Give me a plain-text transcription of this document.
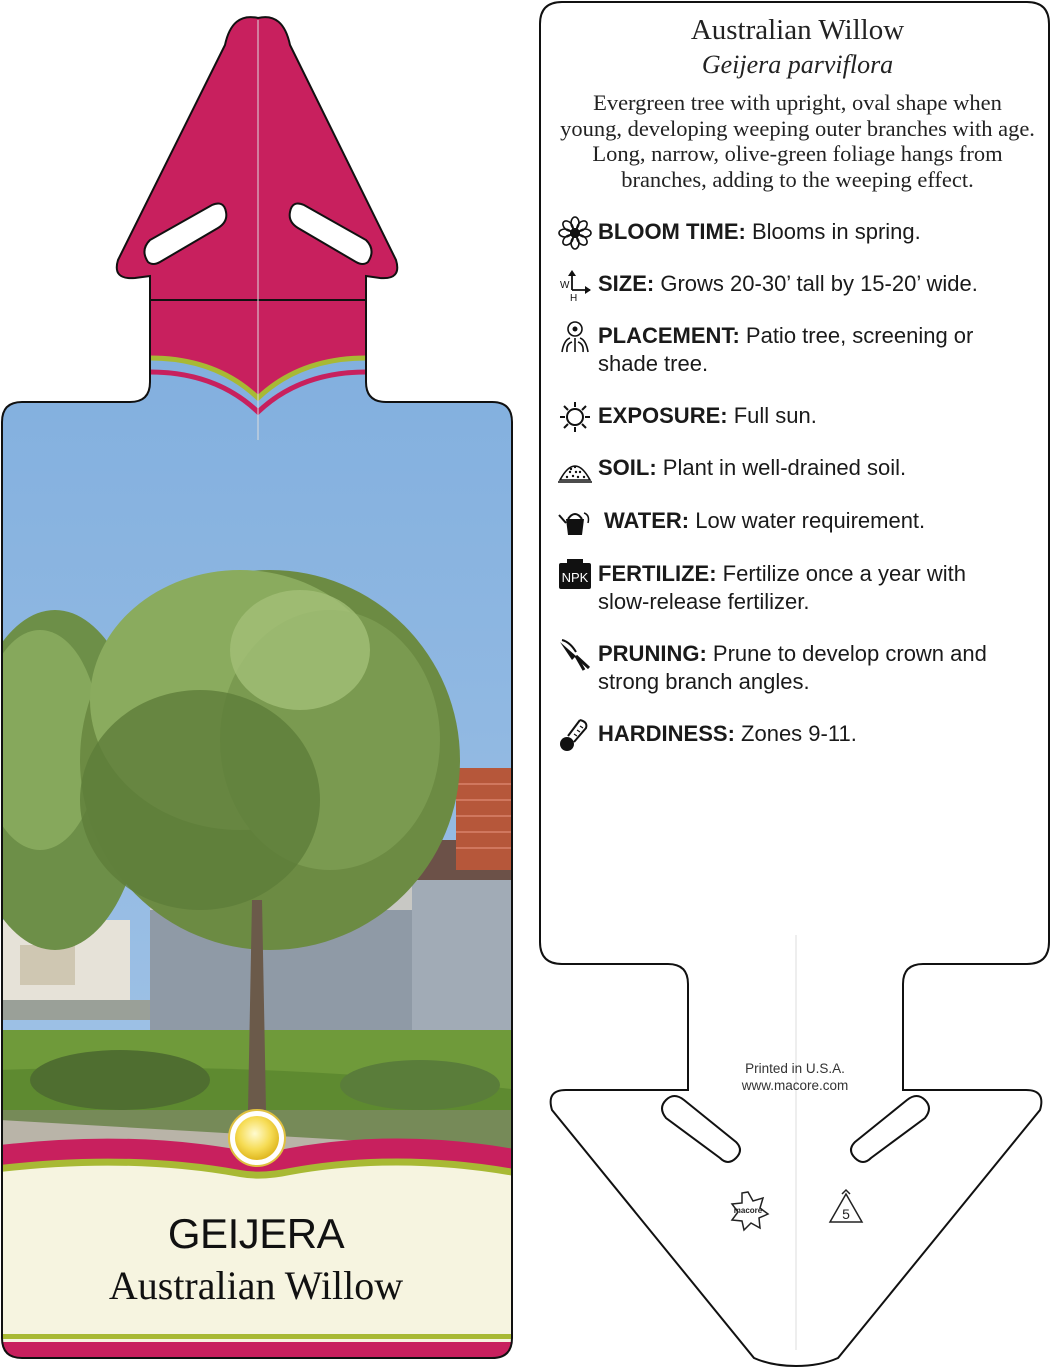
GEIJERA
Australian Willow
macore	5
Australian Willow
Geijera parviflora
Evergreen tree with upright, oval shape when young, developing weeping outer branches with age. Long, narrow, olive-green foliage hangs from branches, adding to the weeping effect.
BLOOM TIME: Blooms in spring.
W
H
SIZE: Grows 20-30’ tall by 15-20’ wide.
PLACEMENT: Patio tree, screening or
shade tree.
EXPOSURE: Full sun.
SOIL: Plant in well-drained soil.
WATER: Low water requirement.
NPK FERTILIZE: Fertilize once a year with
slow-release fertilizer.
PRUNING: Prune to develop crown and
strong branch angles.
HARDINESS: Zones 9-11.
Printed in U.S.A.
www.macore.com
